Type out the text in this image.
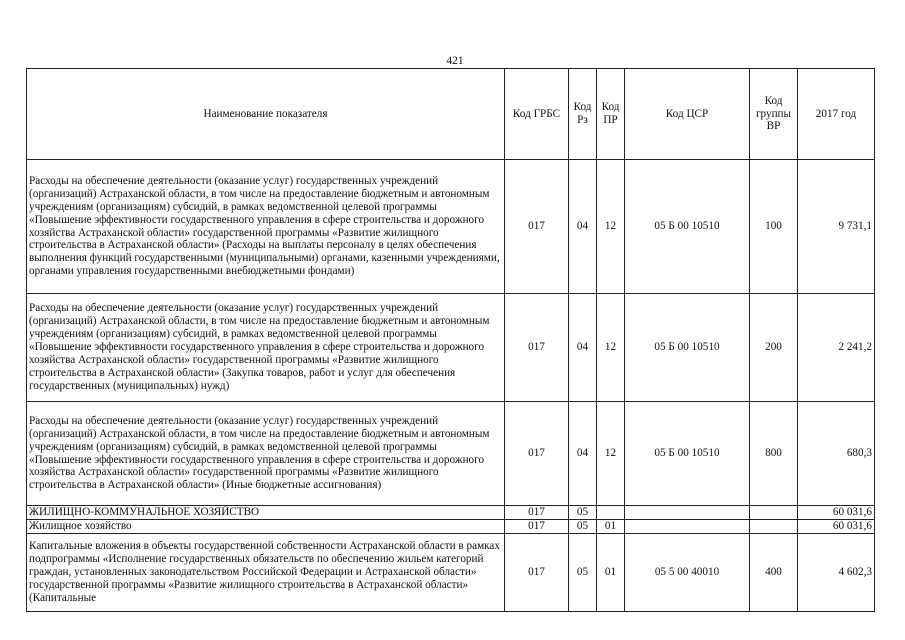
421
Наименование показателя	Код ГРБС	Код Рз	Код ПР	Код ЦСР	Код группы ВР	2017 год
Расходы на обеспечение деятельности (оказание услуг) государственных учреждений (организаций) Астраханской области, в том числе на предоставление бюджетным и автономным учреждениям (организациям) субсидий, в рамках ведомственной целевой программы «Повышение эффективности государственного управления в сфере строительства и дорожного хозяйства Астраханской области» государственной программы «Развитие жилищного строительства в Астраханской области» (Расходы на выплаты персоналу в целях обеспечения выполнения функций государственными (муниципальными) органами, казенными учреждениями, органами управления государственными внебюджетными фондами)	017	04	12	05 Б 00 10510	100	9 731,1
Расходы на обеспечение деятельности (оказание услуг) государственных учреждений (организаций) Астраханской области, в том числе на предоставление бюджетным и автономным учреждениям (организациям) субсидий, в рамках ведомственной целевой программы «Повышение эффективности государственного управления в сфере строительства и дорожного хозяйства Астраханской области» государственной программы «Развитие жилищного строительства в Астраханской области» (Закупка товаров, работ и услуг для обеспечения государственных (муниципальных) нужд)	017	04	12	05 Б 00 10510	200	2 241,2
Расходы на обеспечение деятельности (оказание услуг) государственных учреждений (организаций) Астраханской области, в том числе на предоставление бюджетным и автономным учреждениям (организациям) субсидий, в рамках ведомственной целевой программы «Повышение эффективности государственного управления в сфере строительства и дорожного хозяйства Астраханской области» государственной программы «Развитие жилищного строительства в Астраханской области» (Иные бюджетные ассигнования)	017	04	12	05 Б 00 10510	800	680,3
ЖИЛИЩНО-КОММУНАЛЬНОЕ ХОЗЯЙСТВО	017	05				60 031,6
Жилищное хозяйство	017	05	01			60 031,6
Капитальные вложения в объекты государственной собственности Астраханской области в рамках подпрограммы «Исполнение государственных обязательств по обеспечению жильем категорий граждан, установленных законодательством Российской Федерации и Астраханской области» государственной программы «Развитие жилищного строительства в Астраханской области» (Капитальные	017	05	01	05 5 00 40010	400	4 602,3
